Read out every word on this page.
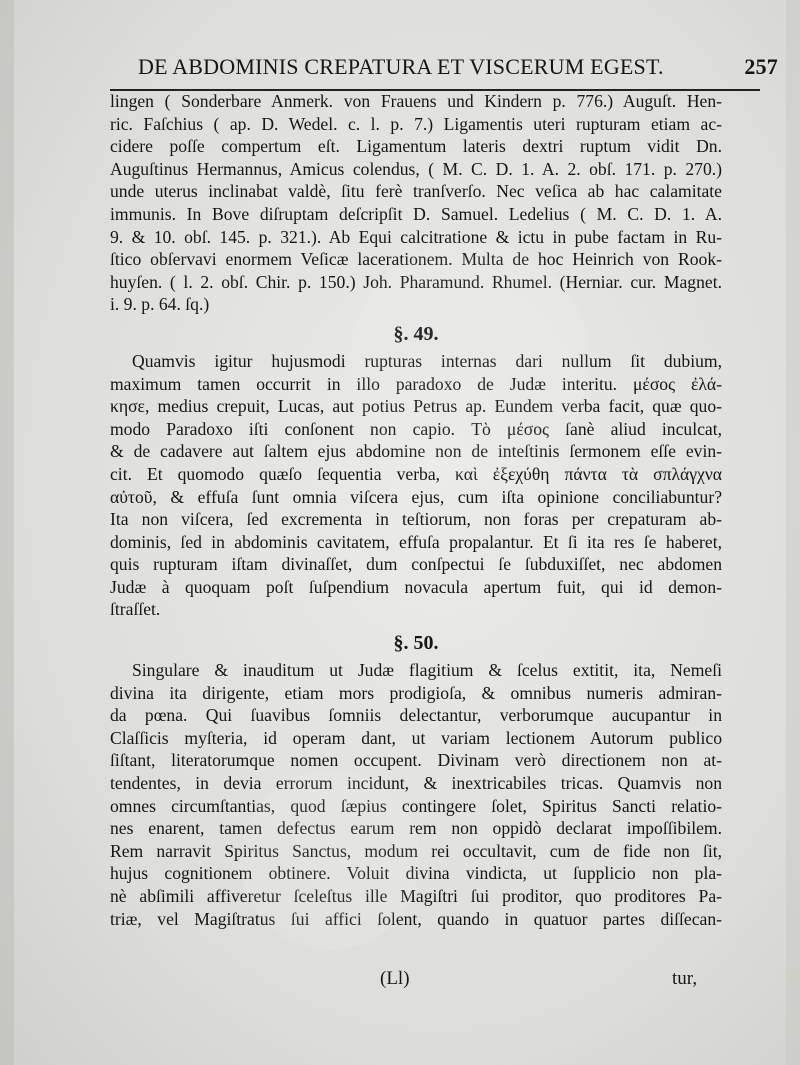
DE ABDOMINIS CREPATURA ET VISCERUM EGEST.	257
lingen ( Sonderbare Anmerk. von Frauens und Kindern p. 776.) Auguſt. Hen-
ric. Faſchius ( ap. D. Wedel. c. l. p. 7.) Ligamentis uteri rupturam etiam ac-
cidere poſſe compertum eſt. Ligamentum lateris dextri ruptum vidit Dn.
Auguſtinus Hermannus, Amicus colendus, ( M. C. D. 1. A. 2. obſ. 171. p. 270.)
unde uterus inclinabat valdè, ſitu ferè tranſverſo. Nec veſica ab hac calamitate
immunis. In Bove diſruptam deſcripſit D. Samuel. Ledelius ( M. C. D. 1. A.
9. & 10. obſ. 145. p. 321.). Ab Equi calcitratione & ictu in pube factam in Ru-
ſtico obſervavi enormem Veſicæ lacerationem. Multa de hoc Heinrich von Rook-
huyſen. ( l. 2. obſ. Chir. p. 150.) Joh. Pharamund. Rhumel. (Herniar. cur. Magnet.
i. 9. p. 64. ſq.)
§. 49.
Quamvis igitur hujusmodi rupturas internas dari nullum ſit dubium,
maximum tamen occurrit in illo paradoxo de Judæ interitu. μέσος ἐλά-
κησε, medius crepuit, Lucas, aut potius Petrus ap. Eundem verba facit, quæ quo-
modo Paradoxo iſti conſonent non capio. Τὸ μέσος ſanè aliud inculcat,
& de cadavere aut ſaltem ejus abdomine non de inteſtinis ſermonem eſſe evin-
cit. Et quomodo quæſo ſequentia verba, καὶ ἐξεχύθη πάντα τὰ σπλάγχνα
αὐτοῦ, & effuſa ſunt omnia viſcera ejus, cum iſta opinione conciliabuntur?
Ita non viſcera, ſed excrementa in teſtiorum, non foras per crepaturam ab-
dominis, ſed in abdominis cavitatem, effuſa propalantur. Et ſi ita res ſe haberet,
quis rupturam iſtam divinaſſet, dum conſpectui ſe ſubduxiſſet, nec abdomen
Judæ à quoquam poſt ſuſpendium novacula apertum fuit, qui id demon-
ſtraſſet.
§. 50.
Singulare & inauditum ut Judæ flagitium & ſcelus extitit, ita, Nemeſi
divina ita dirigente, etiam mors prodigioſa, & omnibus numeris admiran-
da pœna. Qui ſuavibus ſomniis delectantur, verborumque aucupantur in
Claſſicis myſteria, id operam dant, ut variam lectionem Autorum publico
ſiſtant, literatorumque nomen occupent. Divinam verò directionem non at-
tendentes, in devia errorum incidunt, & inextricabiles tricas. Quamvis non
omnes circumſtantias, quod ſæpius contingere ſolet, Spiritus Sancti relatio-
nes enarent, tamen defectus earum rem non oppidò declarat impoſſibilem.
Rem narravit Spiritus Sanctus, modum rei occultavit, cum de fide non ſit,
hujus cognitionem obtinere. Voluit divina vindicta, ut ſupplicio non pla-
nè abſimili affiveretur ſceleſtus ille Magiſtri ſui proditor, quo proditores Pa-
triæ, vel Magiſtratus ſui affici ſolent, quando in quatuor partes diſſecan-
(Ll)	tur,
